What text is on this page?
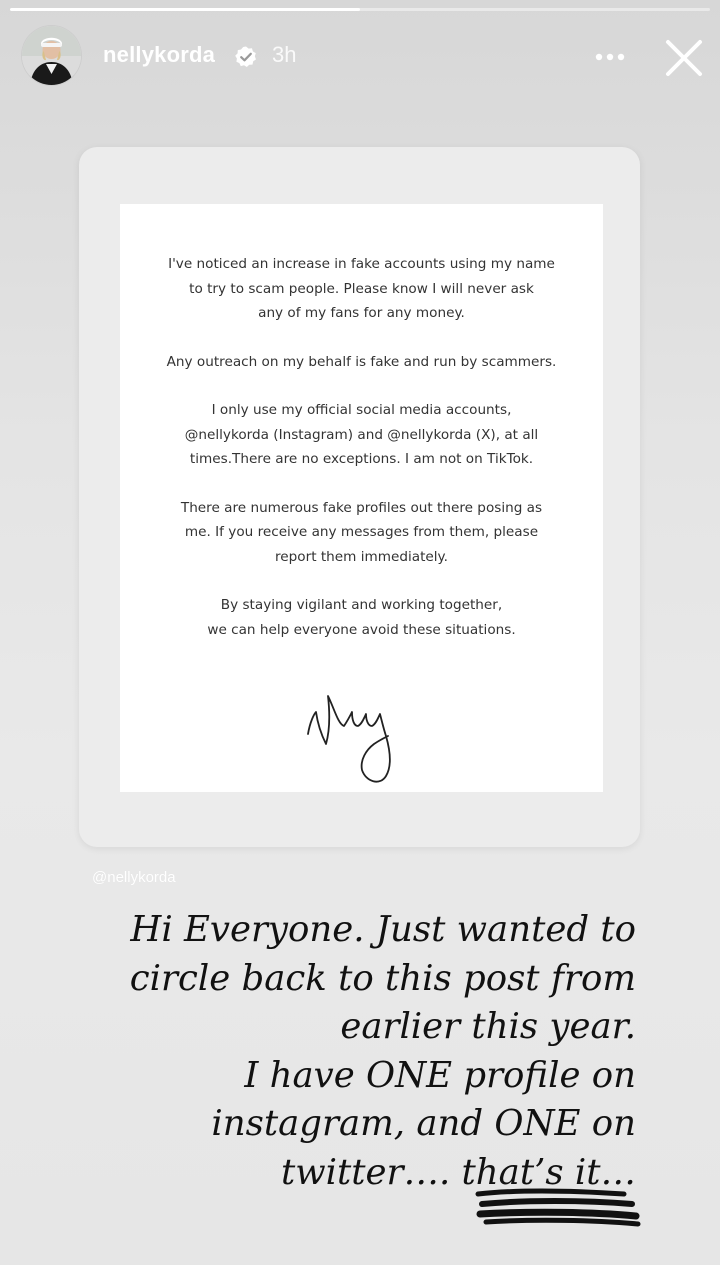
nellykorda	3h

I've noticed an increase in fake accounts using my name
to try to scam people. Please know I will never ask
any of my fans for any money.

Any outreach on my behalf is fake and run by scammers.

I only use my official social media accounts,
@nellykorda (Instagram) and @nellykorda (X), at all
times.There are no exceptions. I am not on TikTok.

There are numerous fake profiles out there posing as
me. If you receive any messages from them, please
report them immediately.

By staying vigilant and working together,
we can help everyone avoid these situations.

@nellykorda
Hi Everyone. Just wanted to
circle back to this post from
earlier this year.
I have ONE profile on
instagram, and ONE on
twitter…. that’s it…
